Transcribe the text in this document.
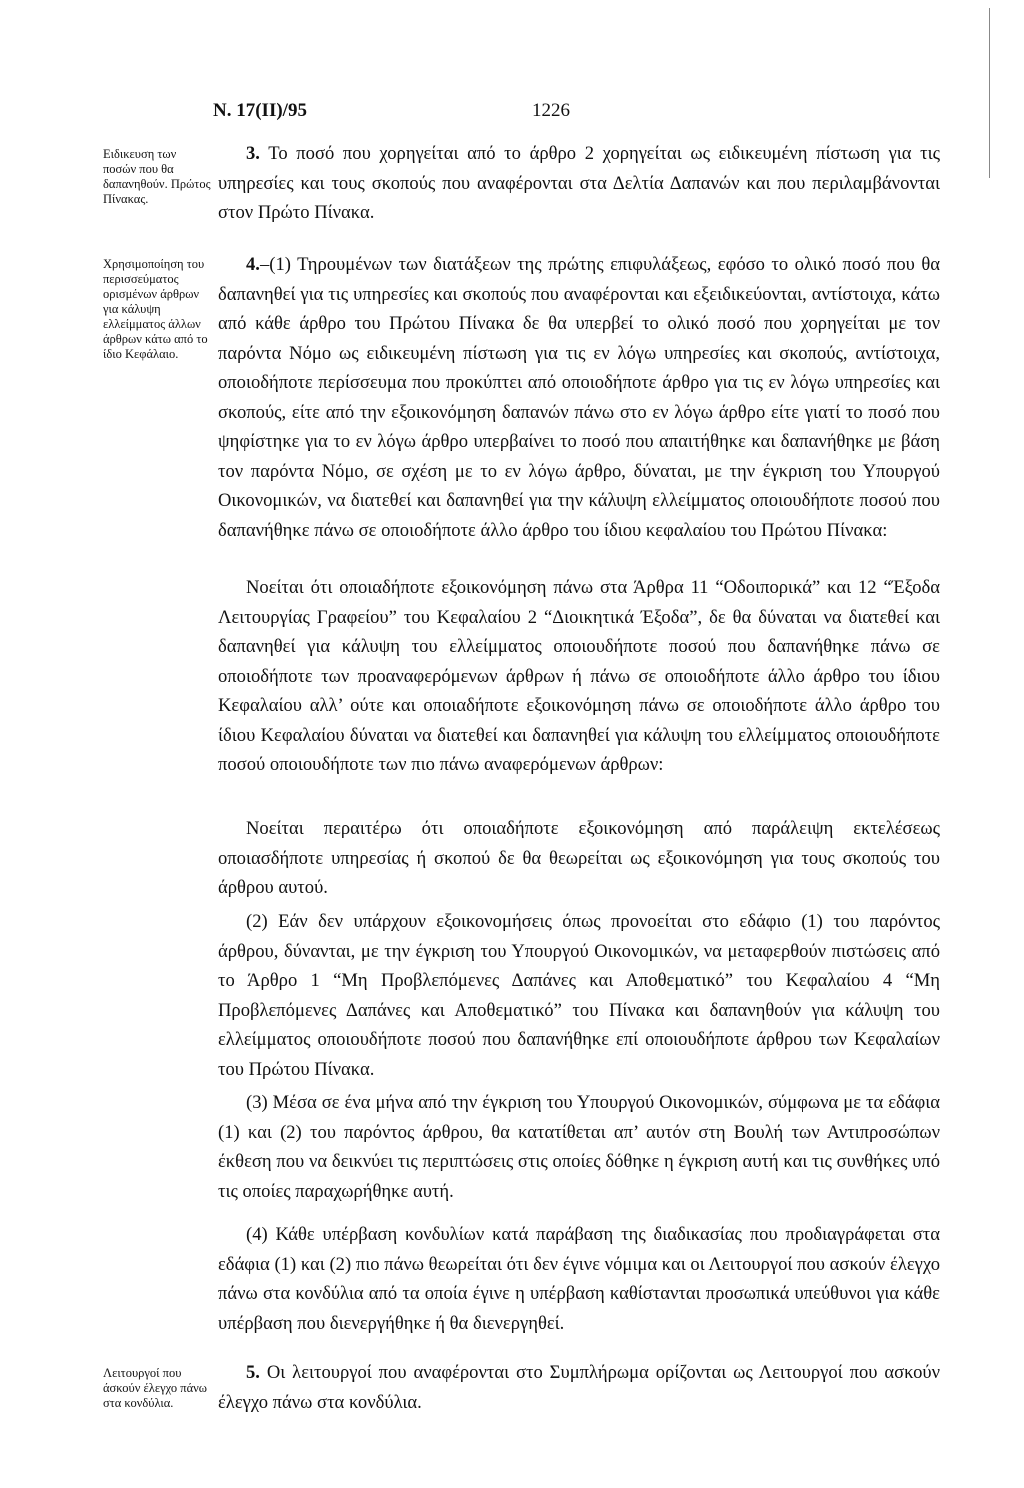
Ν. 17(ΙΙ)/95	1226
Ειδικευση των ποσών που θα δαπανηθούν. Πρώτος Πίνακας.
Χρησιμοποίηση του περισσεύματος ορισμένων άρθρων για κάλυψη ελλείμματος άλλων άρθρων κάτω από το ίδιο Κεφάλαιο.
Λειτουργοί που άσκούν έλεγχο πάνω στα κονδύλια.

3. Το ποσό που χορηγείται από το άρθρο 2 χορηγείται ως ειδικευμένη πίστωση για τις υπηρεσίες και τους σκοπούς που αναφέρονται στα Δελτία Δαπανών και που περιλαμβάνονται στον Πρώτο Πίνακα.

4.–(1) Τηρουμένων των διατάξεων της πρώτης επιφυλάξεως, εφόσο το ολικό ποσό που θα δαπανηθεί για τις υπηρεσίες και σκοπούς που αναφέρονται και εξειδικεύονται, αντίστοιχα, κάτω από κάθε άρθρο του Πρώτου Πίνακα δε θα υπερβεί το ολικό ποσό που χορηγείται με τον παρόντα Νόμο ως ειδικευμένη πίστωση για τις εν λόγω υπηρεσίες και σκοπούς, αντίστοιχα, οποιοδήποτε περίσσευμα που προκύπτει από οποιοδήποτε άρθρο για τις εν λόγω υπηρεσίες και σκοπούς, είτε από την εξοικονόμηση δαπανών πάνω στο εν λόγω άρθρο είτε γιατί το ποσό που ψηφίστηκε για το εν λόγω άρθρο υπερβαίνει το ποσό που απαιτήθηκε και δαπανήθηκε με βάση τον παρόντα Νόμο, σε σχέση με το εν λόγω άρθρο, δύναται, με την έγκριση του Υπουργού Οικονομικών, να διατεθεί και δαπανηθεί για την κάλυψη ελλείμματος οποιουδήποτε ποσού που δαπανήθηκε πάνω σε οποιοδήποτε άλλο άρθρο του ίδιου κεφαλαίου του Πρώτου Πίνακα:

Νοείται ότι οποιαδήποτε εξοικονόμηση πάνω στα Άρθρα 11 “Οδοιπορικά” και 12 “Έξοδα Λειτουργίας Γραφείου” του Κεφαλαίου 2 “Διοικητικά Έξοδα”, δε θα δύναται να διατεθεί και δαπανηθεί για κάλυψη του ελλείμματος οποιουδήποτε ποσού που δαπανήθηκε πάνω σε οποιοδήποτε των προαναφερόμενων άρθρων ή πάνω σε οποιοδήποτε άλλο άρθρο του ίδιου Κεφαλαίου αλλ’ ούτε και οποιαδήποτε εξοικονόμηση πάνω σε οποιοδήποτε άλλο άρθρο του ίδιου Κεφαλαίου δύναται να διατεθεί και δαπανηθεί για κάλυψη του ελλείμματος οποιουδήποτε ποσού οποιουδήποτε των πιο πάνω αναφερόμενων άρθρων:

Νοείται περαιτέρω ότι οποιαδήποτε εξοικονόμηση από παράλειψη εκτελέσεως οποιασδήποτε υπηρεσίας ή σκοπού δε θα θεωρείται ως εξοικονόμηση για τους σκοπούς του άρθρου αυτού.

(2) Εάν δεν υπάρχουν εξοικονομήσεις όπως προνοείται στο εδάφιο (1) του παρόντος άρθρου, δύνανται, με την έγκριση του Υπουργού Οικονομικών, να μεταφερθούν πιστώσεις από το Άρθρο 1 “Μη Προβλεπόμενες Δαπάνες και Αποθεματικό” του Κεφαλαίου 4 “Μη Προβλεπόμενες Δαπάνες και Αποθεματικό” του Πίνακα και δαπανηθούν για κάλυψη του ελλείμματος οποιουδήποτε ποσού που δαπανήθηκε επί οποιουδήποτε άρθρου των Κεφαλαίων του Πρώτου Πίνακα.

(3) Μέσα σε ένα μήνα από την έγκριση του Υπουργού Οικονομικών, σύμφωνα με τα εδάφια (1) και (2) του παρόντος άρθρου, θα κατατίθεται απ’ αυτόν στη Βουλή των Αντιπροσώπων έκθεση που να δεικνύει τις περιπτώσεις στις οποίες δόθηκε η έγκριση αυτή και τις συνθήκες υπό τις οποίες παραχωρήθηκε αυτή.

(4) Κάθε υπέρβαση κονδυλίων κατά παράβαση της διαδικασίας που προδιαγράφεται στα εδάφια (1) και (2) πιο πάνω θεωρείται ότι δεν έγινε νόμιμα και οι Λειτουργοί που ασκούν έλεγχο πάνω στα κονδύλια από τα οποία έγινε η υπέρβαση καθίστανται προσωπικά υπεύθυνοι για κάθε υπέρβαση που διενεργήθηκε ή θα διενεργηθεί.

5. Οι λειτουργοί που αναφέρονται στο Συμπλήρωμα ορίζονται ως Λειτουργοί που ασκούν έλεγχο πάνω στα κονδύλια.
